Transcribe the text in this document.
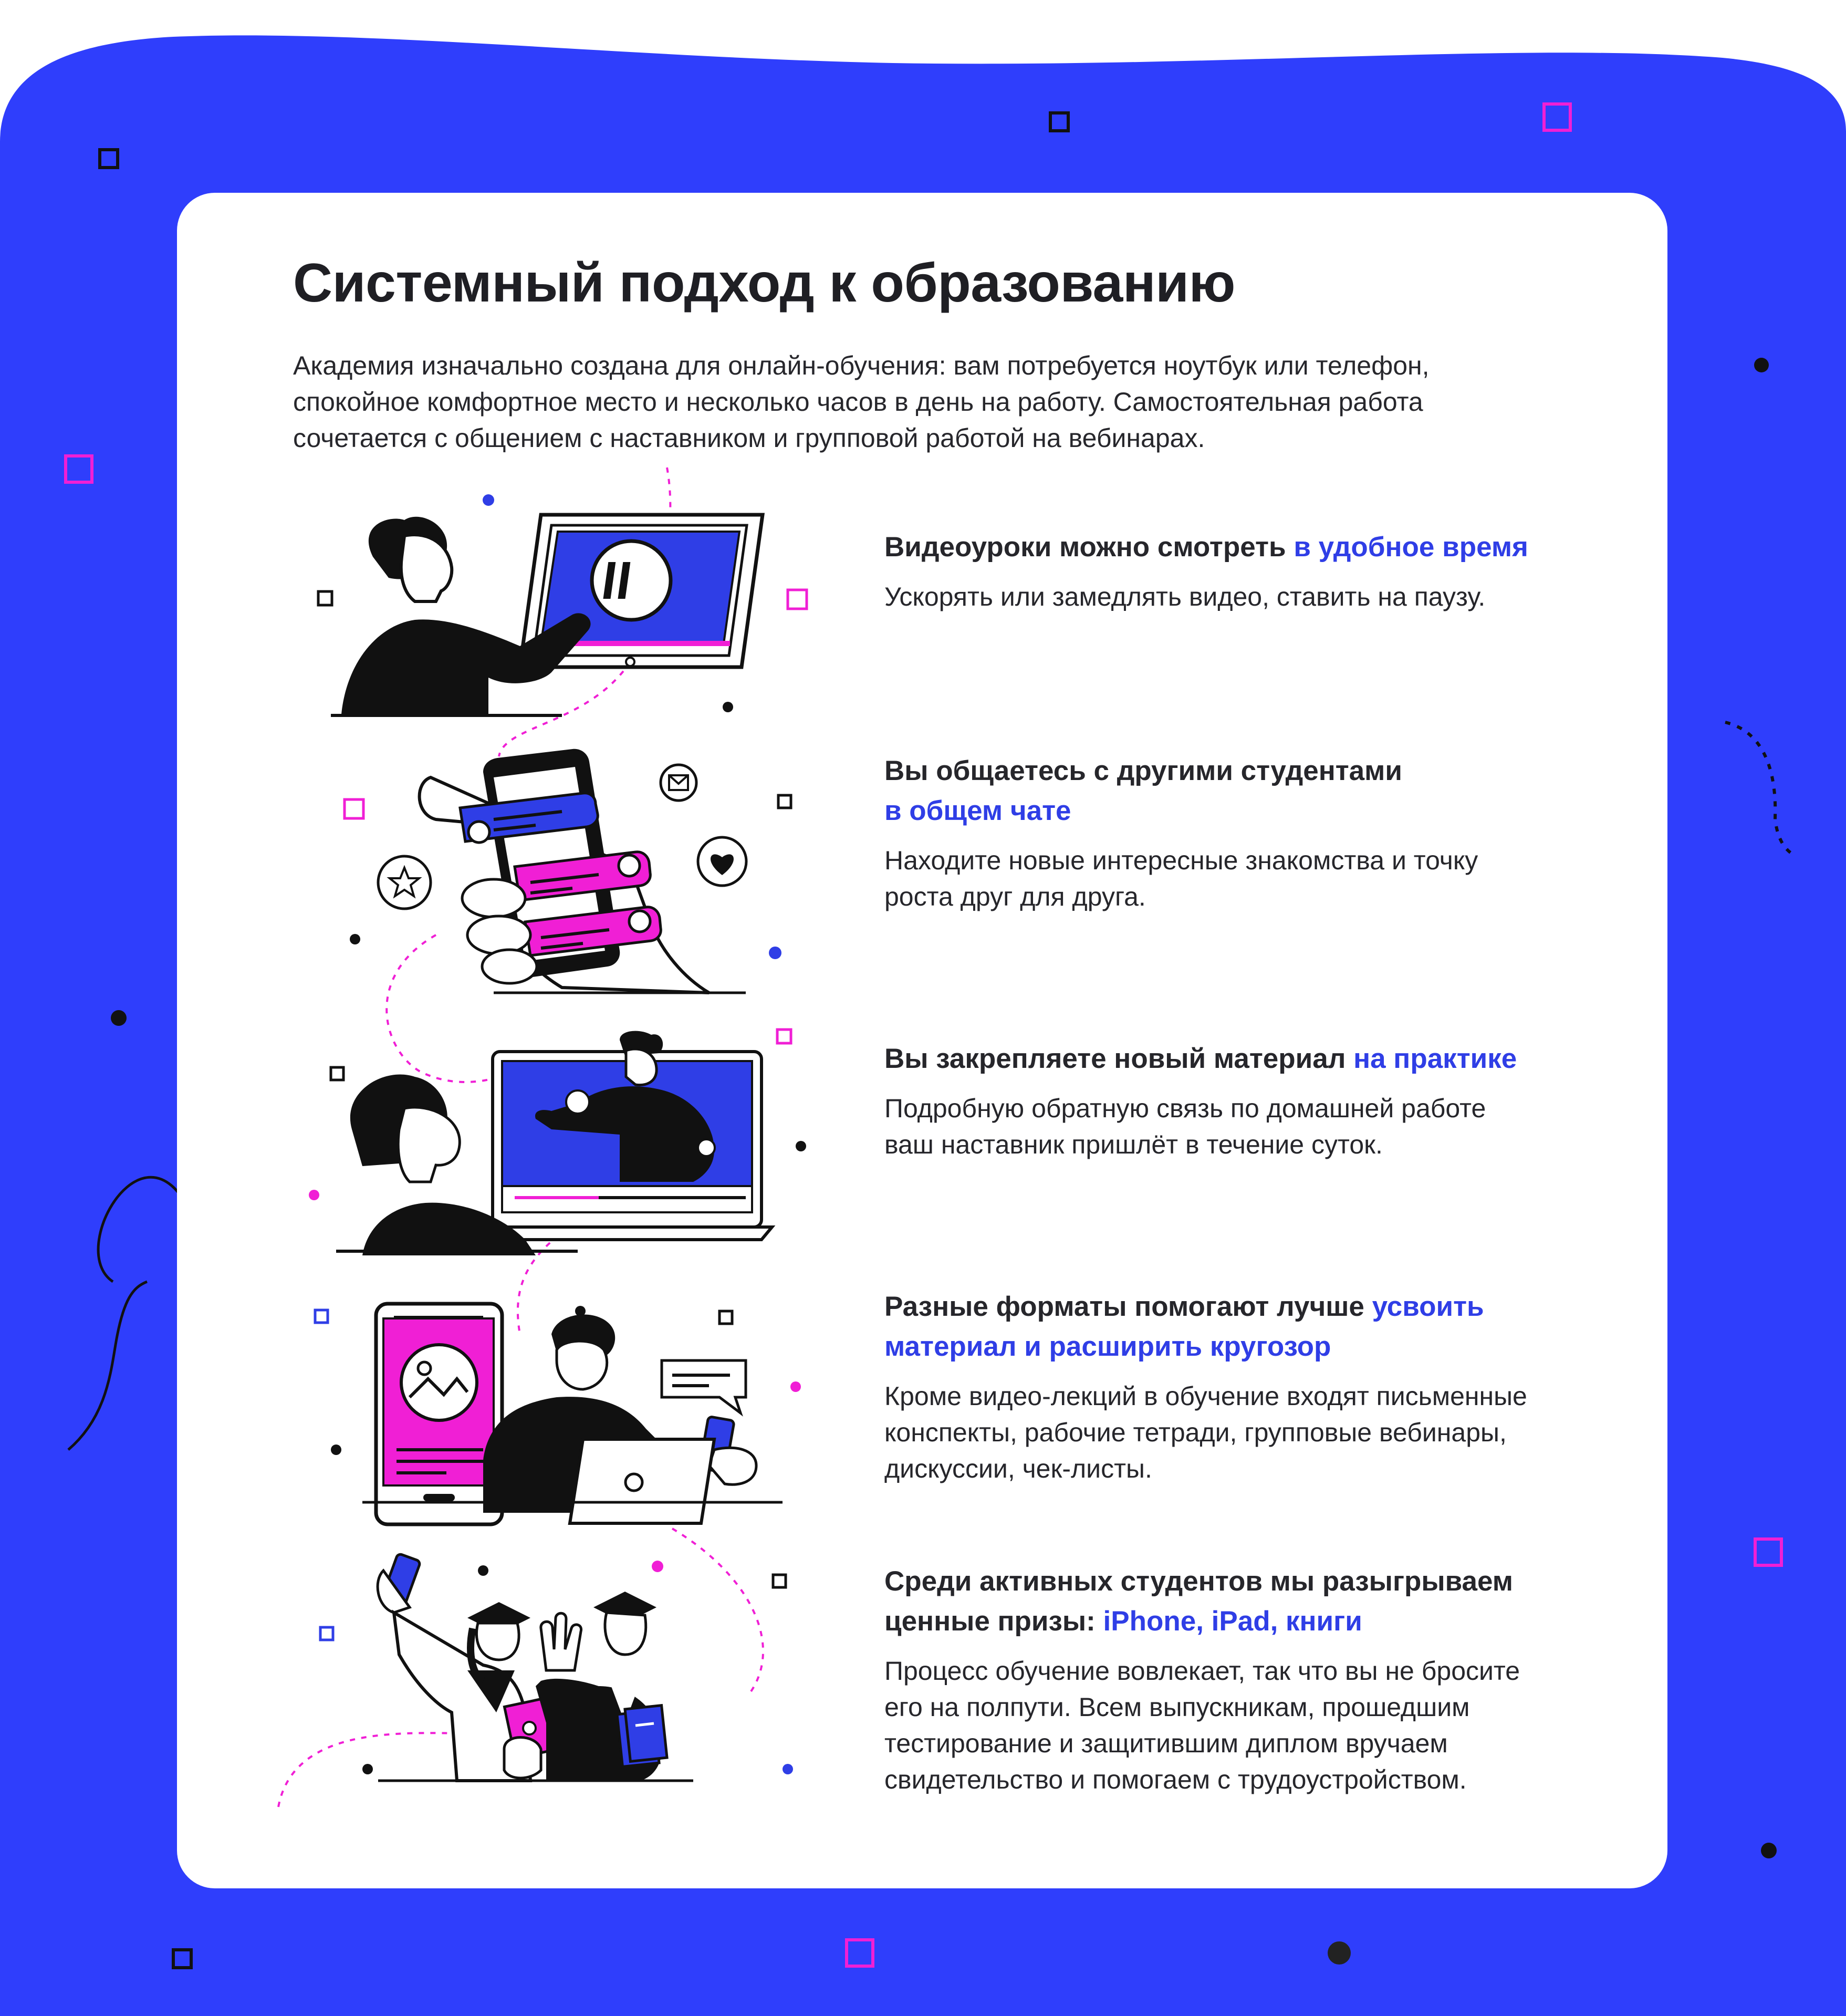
Системный подход к образованию
Академия изначально создана для онлайн-обучения: вам потребуется ноутбук или телефон,
спокойное комфортное место и несколько часов в день на работу. Самостоятельная работа
сочетается с общением с наставником и групповой работой на вебинарах.
Видеоуроки можно смотреть в удобное время

Ускорять или замедлять видео, ставить на паузу.

Вы общаетесь с другими студентами
в общем чате

Находите новые интересные знакомства и точку
роста друг для друга.

Вы закрепляете новый материал на практике

Подробную обратную связь по домашней работе
ваш наставник пришлёт в течение суток.

Разные форматы помогают лучше усвоить
материал и расширить кругозор

Кроме видео-лекций в обучение входят письменные
конспекты, рабочие тетради, групповые вебинары,
дискуссии, чек-листы.

Среди активных студентов мы разыгрываем
ценные призы: iPhone, iPad, книги

Процесс обучение вовлекает, так что вы не бросите
его на полпути. Всем выпускникам, прошедшим
тестирование и защитившим диплом вручаем
свидетельство и помогаем с трудоустройством.
